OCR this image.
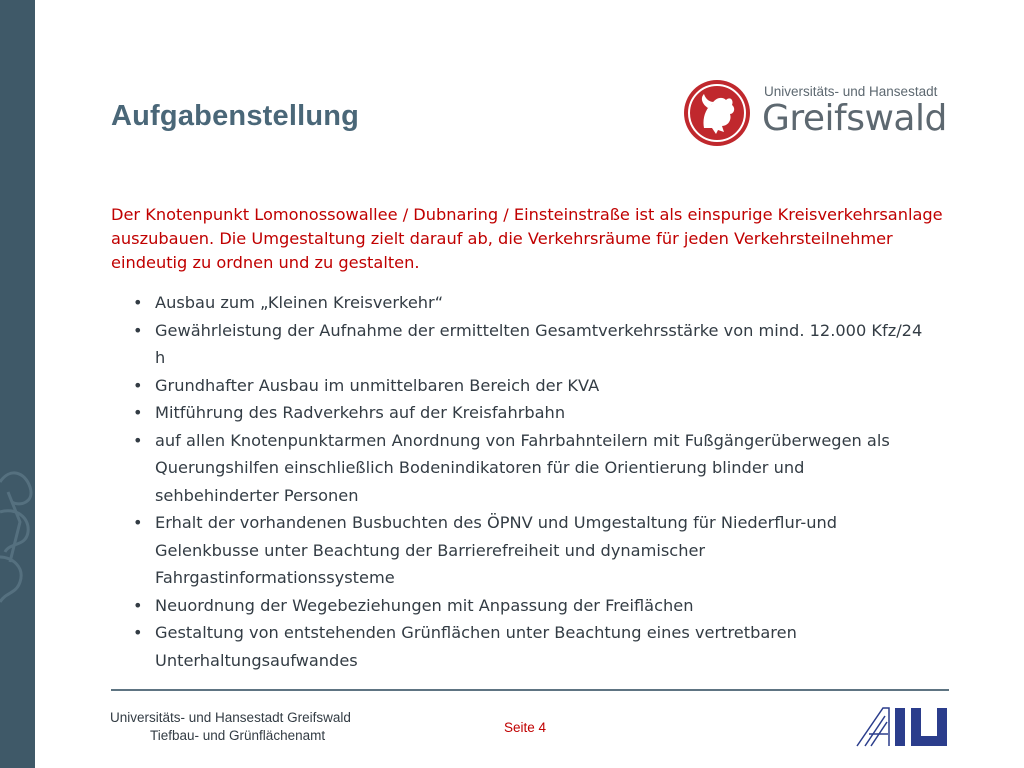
Aufgabenstellung
Universitäts- und Hansestadt
Greifswald

Der Knotenpunkt Lomonossowallee / Dubnaring / Einsteinstraße ist als einspurige Kreisverkehrsanlage auszubauen. Die Umgestaltung zielt darauf ab, die Verkehrsräume für jeden Verkehrsteilnehmer eindeutig zu ordnen und zu gestalten.

• Ausbau zum „Kleinen Kreisverkehr“
• Gewährleistung der Aufnahme der ermittelten Gesamtverkehrsstärke von mind. 12.000 Kfz/24 h
• Grundhafter Ausbau im unmittelbaren Bereich der KVA
• Mitführung des Radverkehrs auf der Kreisfahrbahn
• auf allen Knotenpunktarmen Anordnung von Fahrbahnteilern mit Fußgängerüberwegen als Querungshilfen einschließlich Bodenindikatoren für die Orientierung blinder und sehbehinderter Personen
• Erhalt der vorhandenen Busbuchten des ÖPNV und Umgestaltung für Niederflur-und Gelenkbusse unter Beachtung der Barrierefreiheit und dynamischer Fahrgastinformationssysteme
• Neuordnung der Wegebeziehungen mit Anpassung der Freiflächen
• Gestaltung von entstehenden Grünflächen unter Beachtung eines vertretbaren Unterhaltungsaufwandes
Universitäts- und Hansestadt Greifswald
Tiefbau- und Grünflächenamt
Seite 4
AIU
